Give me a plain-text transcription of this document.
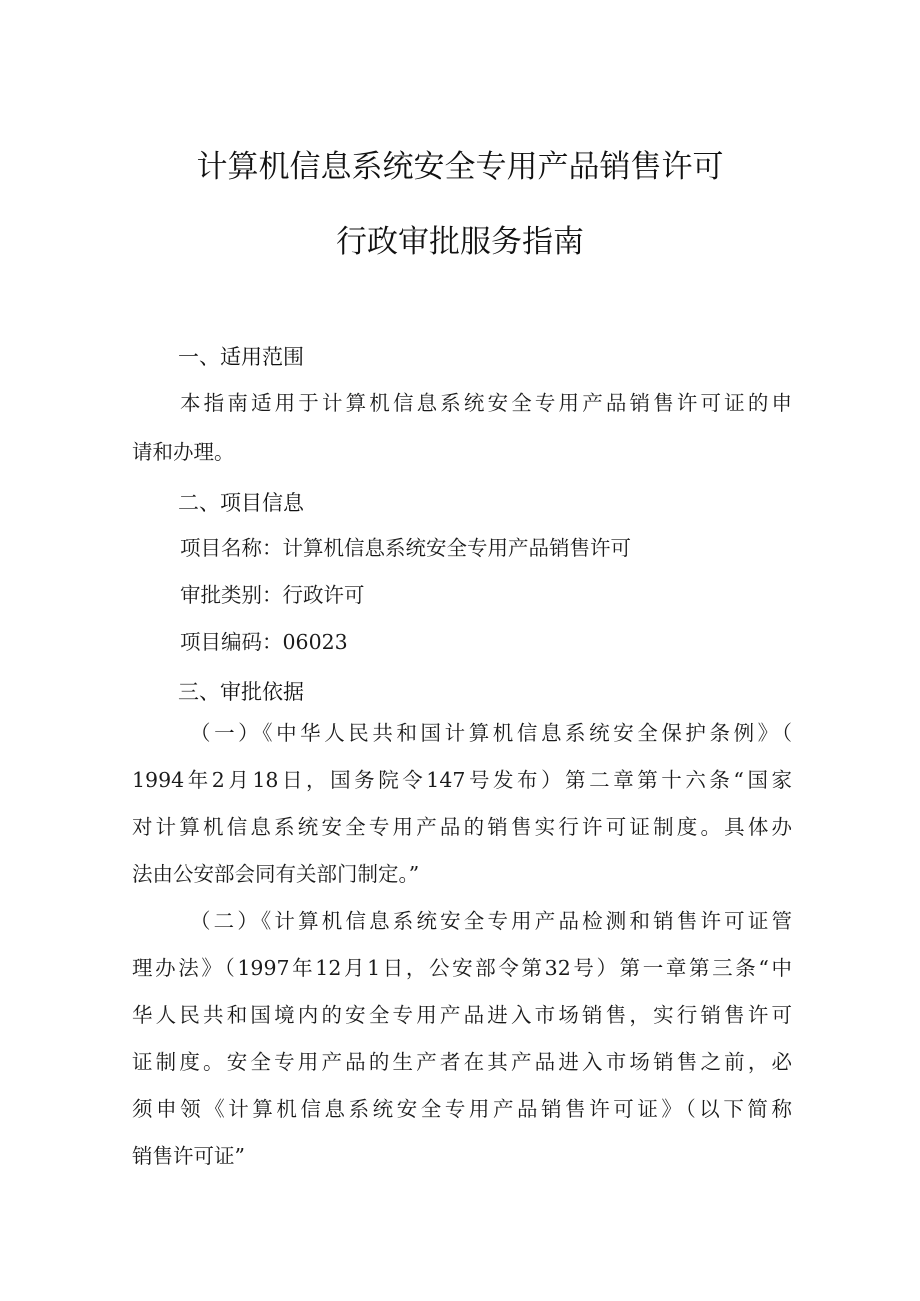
计算机信息系统安全专用产品销售许可
行政审批服务指南
一、适用范围
本指南适用于计算机信息系统安全专用产品销售许可证的申
请和办理。
二、项目信息
项目名称：计算机信息系统安全专用产品销售许可
审批类别：行政许可
项目编码：06023
三、审批依据
（一）《中华人民共和国计算机信息系统安全保护条例》（
1994年2月18日，国务院令147号发布）第二章第十六条“国家
对计算机信息系统安全专用产品的销售实行许可证制度。具体办
法由公安部会同有关部门制定。”
（二）《计算机信息系统安全专用产品检测和销售许可证管
理办法》（1997年12月1日，公安部令第32号）第一章第三条“中
华人民共和国境内的安全专用产品进入市场销售，实行销售许可
证制度。安全专用产品的生产者在其产品进入市场销售之前，必
须申领《计算机信息系统安全专用产品销售许可证》（以下简称
销售许可证”
